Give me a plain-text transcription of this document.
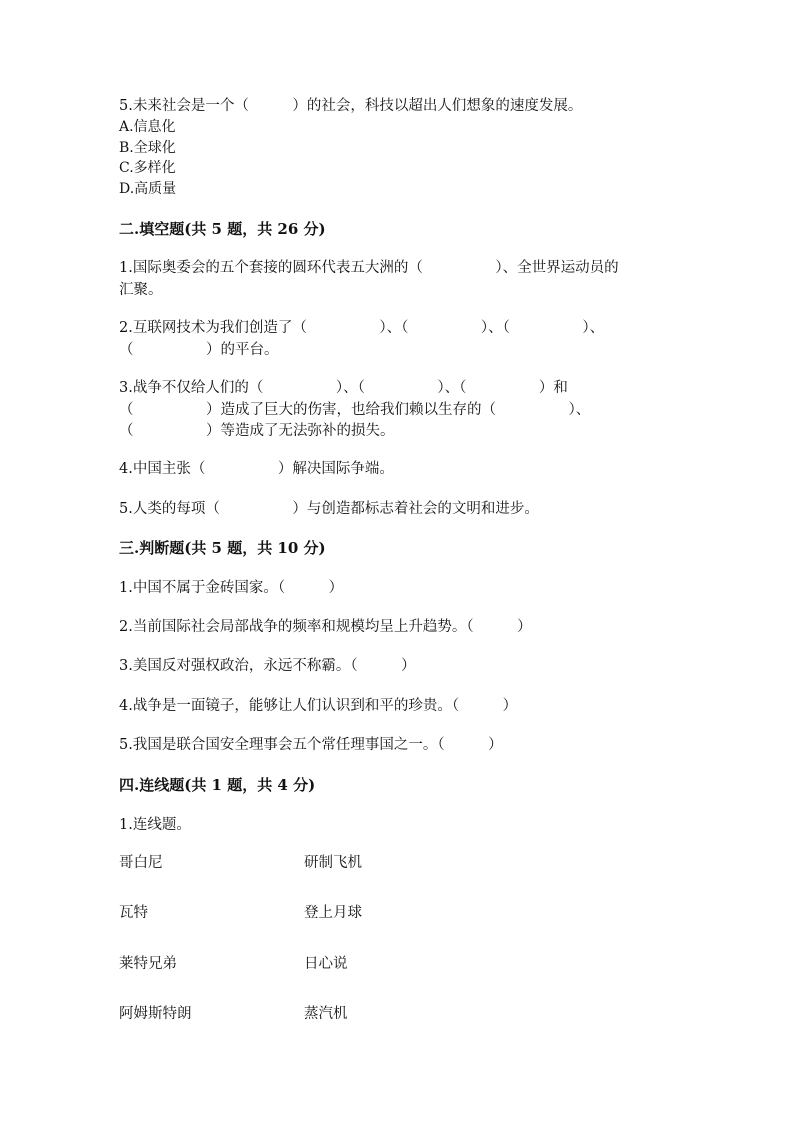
5.未来社会是一个（　　　）的社会，科技以超出人们想象的速度发展。
A.信息化
B.全球化
C.多样化
D.高质量
二.填空题(共 5 题，共 26 分)
1.国际奥委会的五个套接的圆环代表五大洲的（　　　　　）、全世界运动员的
汇聚。
2.互联网技术为我们创造了（　　　　　）、（　　　　　）、（　　　　　）、
（　　　　　）的平台。
3.战争不仅给人们的（　　　　　）、（　　　　　）、（　　　　　）和
（　　　　　）造成了巨大的伤害，也给我们赖以生存的（　　　　　）、
（　　　　　）等造成了无法弥补的损失。
4.中国主张（　　　　　）解决国际争端。
5.人类的每项（　　　　　）与创造都标志着社会的文明和进步。
三.判断题(共 5 题，共 10 分)
1.中国不属于金砖国家。（　　　）
2.当前国际社会局部战争的频率和规模均呈上升趋势。（　　　）
3.美国反对强权政治，永远不称霸。（　　　）
4.战争是一面镜子，能够让人们认识到和平的珍贵。（　　　）
5.我国是联合国安全理事会五个常任理事国之一。（　　　）
四.连线题(共 1 题，共 4 分)
1.连线题。
哥白尼	研制飞机
瓦特	登上月球
莱特兄弟	日心说
阿姆斯特朗	蒸汽机
